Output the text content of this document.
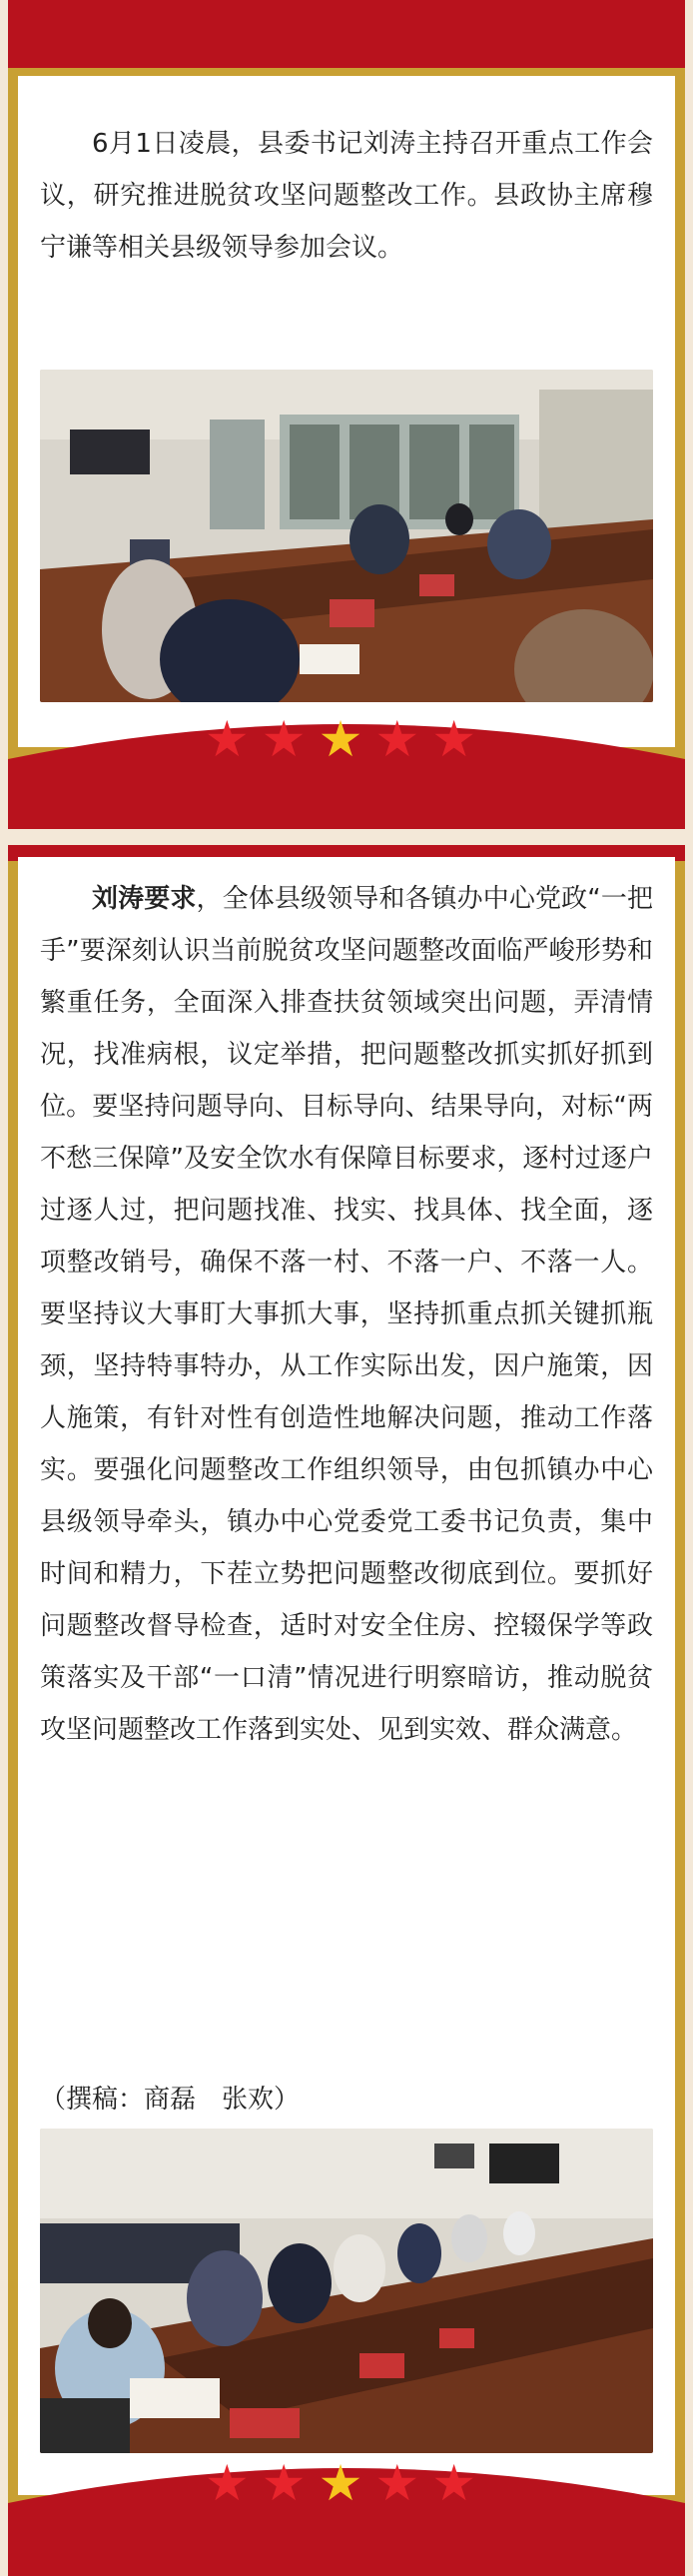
★★★★★
6月1日凌晨，县委书记刘涛主持召开重点工作会议，研究推进脱贫攻坚问题整改工作。县政协主席穆宁谦等相关县级领导参加会议。
★★★★★
刘涛要求，全体县级领导和各镇办中心党政“一把手”要深刻认识当前脱贫攻坚问题整改面临严峻形势和繁重任务，全面深入排查扶贫领域突出问题，弄清情况，找准病根，议定举措，把问题整改抓实抓好抓到位。要坚持问题导向、目标导向、结果导向，对标“两不愁三保障”及安全饮水有保障目标要求，逐村过逐户过逐人过，把问题找准、找实、找具体、找全面，逐项整改销号，确保不落一村、不落一户、不落一人。要坚持议大事盯大事抓大事，坚持抓重点抓关键抓瓶颈，坚持特事特办，从工作实际出发，因户施策，因人施策，有针对性有创造性地解决问题，推动工作落实。要强化问题整改工作组织领导，由包抓镇办中心县级领导牵头，镇办中心党委党工委书记负责，集中时间和精力，下茬立势把问题整改彻底到位。要抓好问题整改督导检查，适时对安全住房、控辍保学等政策落实及干部“一口清”情况进行明察暗访，推动脱贫攻坚问题整改工作落到实处、见到实效、群众满意。
（撰稿：商磊　张欢）
